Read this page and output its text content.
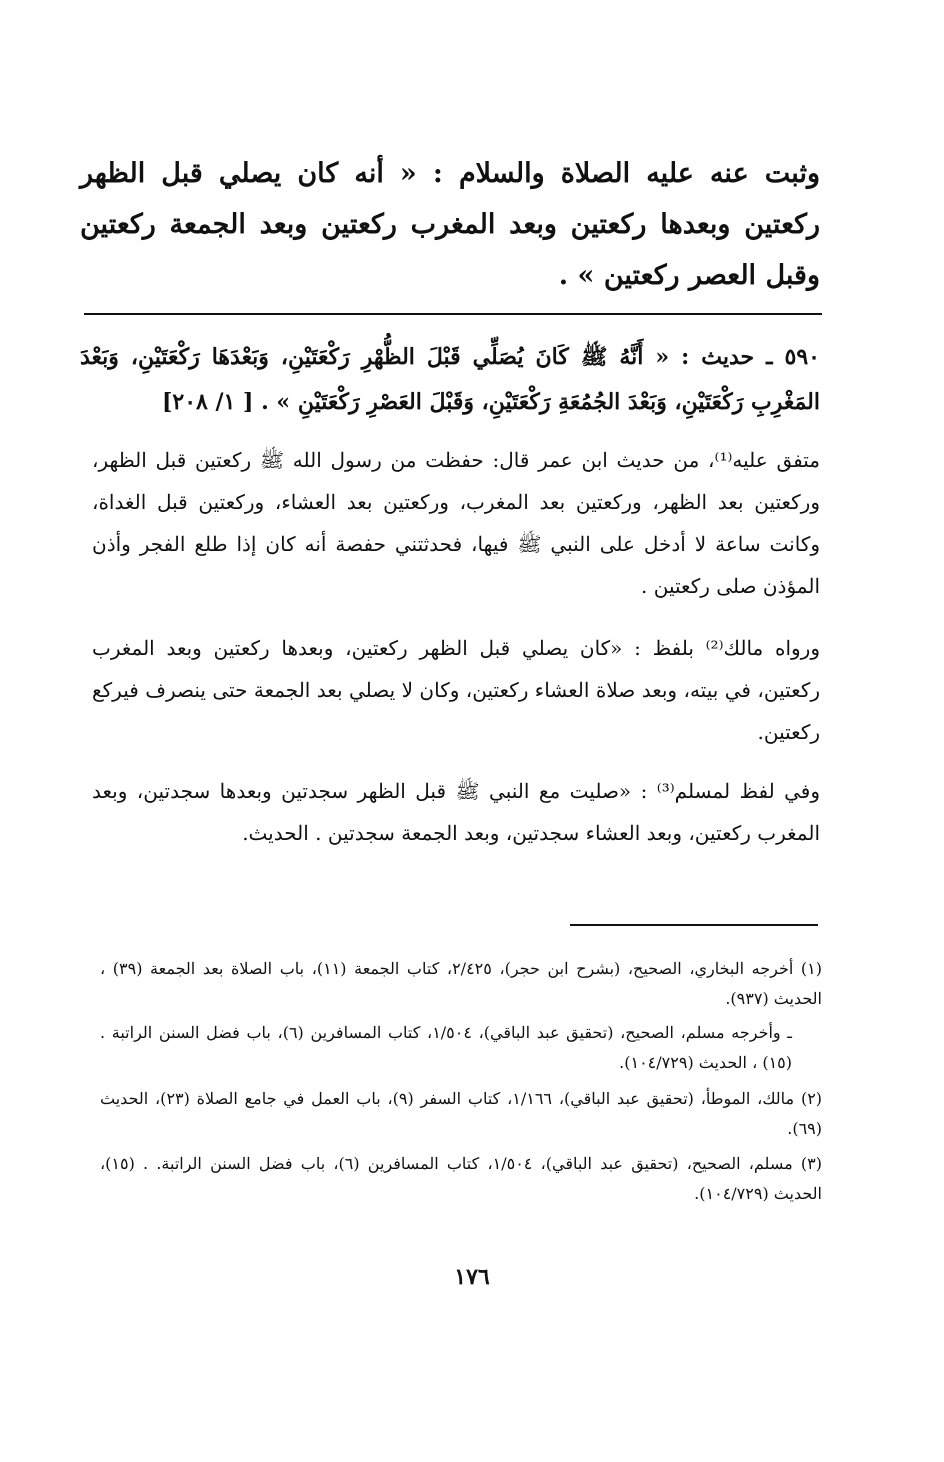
وثبت عنه عليه الصلاة والسلام : « أنه كان يصلي قبل الظهر ركعتين وبعدها ركعتين وبعد المغرب ركعتين وبعد الجمعة ركعتين وقبل العصر ركعتين » .
٥٩٠ ـ حديث : « أَنَّهُ ﷺ كَانَ يُصَلِّي قَبْلَ الظُّهْرِ رَكْعَتَيْنِ، وَبَعْدَهَا رَكْعَتَيْنِ، وَبَعْدَ المَغْرِبِ رَكْعَتَيْنِ، وَبَعْدَ الجُمُعَةِ رَكْعَتَيْنِ، وَقَبْلَ العَصْرِ رَكْعَتَيْنِ » . [ ١/ ٢٠٨]
متفق عليه⁽¹⁾، من حديث ابن عمر قال: حفظت من رسول الله ﷺ ركعتين قبل الظهر، وركعتين بعد الظهر، وركعتين بعد المغرب، وركعتين بعد العشاء، وركعتين قبل الغداة، وكانت ساعة لا أدخل على النبي ﷺ فيها، فحدثتني حفصة أنه كان إذا طلع الفجر وأذن المؤذن صلى ركعتين .
ورواه مالك⁽²⁾ بلفظ : «كان يصلي قبل الظهر ركعتين، وبعدها ركعتين وبعد المغرب ركعتين، في بيته، وبعد صلاة العشاء ركعتين، وكان لا يصلي بعد الجمعة حتى ينصرف فيركع ركعتين.
وفي لفظ لمسلم⁽³⁾ : «صليت مع النبي ﷺ قبل الظهر سجدتين وبعدها سجدتين، وبعد المغرب ركعتين، وبعد العشاء سجدتين، وبعد الجمعة سجدتين . الحديث.
(١) أخرجه البخاري، الصحيح، (بشرح ابن حجر)، ٢/٤٢٥، كتاب الجمعة (١١)، باب الصلاة بعد الجمعة (٣٩) ، الحديث (٩٣٧).
ـ وأخرجه مسلم، الصحيح، (تحقيق عبد الباقي)، ١/٥٠٤، كتاب المسافرين (٦)، باب فضل السنن الراتبة . (١٥) ، الحديث (١٠٤/٧٢٩).
(٢) مالك، الموطأ، (تحقيق عبد الباقي)، ١/١٦٦، كتاب السفر (٩)، باب العمل في جامع الصلاة (٢٣)، الحديث (٦٩).
(٣) مسلم، الصحيح، (تحقيق عبد الباقي)، ١/٥٠٤، كتاب المسافرين (٦)، باب فضل السنن الراتبة. . (١٥)، الحديث (١٠٤/٧٢٩).
١٧٦
